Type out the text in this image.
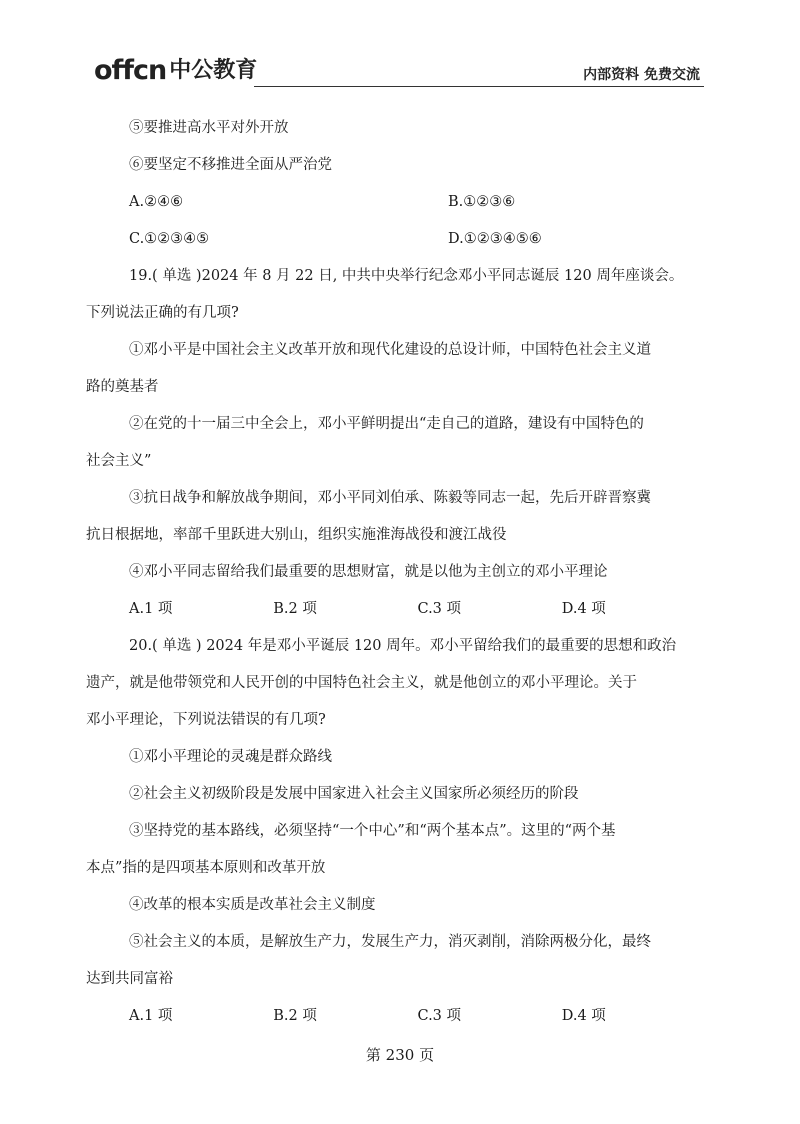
offcn 中公教育	内部资料 免费交流
⑤要推进高水平对外开放
⑥要坚定不移推进全面从严治党
A.②④⑥	B.①②③⑥
C.①②③④⑤	D.①②③④⑤⑥
19.( 单选 )2024 年 8 月 22 日, 中共中央举行纪念邓小平同志诞辰 120 周年座谈会。
下列说法正确的有几项?
①邓小平是中国社会主义改革开放和现代化建设的总设计师，中国特色社会主义道
路的奠基者
②在党的十一届三中全会上，邓小平鲜明提出“走自己的道路，建设有中国特色的
社会主义”
③抗日战争和解放战争期间，邓小平同刘伯承、陈毅等同志一起，先后开辟晋察冀
抗日根据地，率部千里跃进大别山，组织实施淮海战役和渡江战役
④邓小平同志留给我们最重要的思想财富，就是以他为主创立的邓小平理论
A.1 项	B.2 项	C.3 项	D.4 项
20.( 单选 ) 2024 年是邓小平诞辰 120 周年。邓小平留给我们的最重要的思想和政治
遗产，就是他带领党和人民开创的中国特色社会主义，就是他创立的邓小平理论。关于
邓小平理论，下列说法错误的有几项?
①邓小平理论的灵魂是群众路线
②社会主义初级阶段是发展中国家进入社会主义国家所必须经历的阶段
③坚持党的基本路线，必须坚持“一个中心”和“两个基本点”。这里的“两个基
本点”指的是四项基本原则和改革开放
④改革的根本实质是改革社会主义制度
⑤社会主义的本质，是解放生产力，发展生产力，消灭剥削，消除两极分化，最终
达到共同富裕
A.1 项	B.2 项	C.3 项	D.4 项
第 230 页
